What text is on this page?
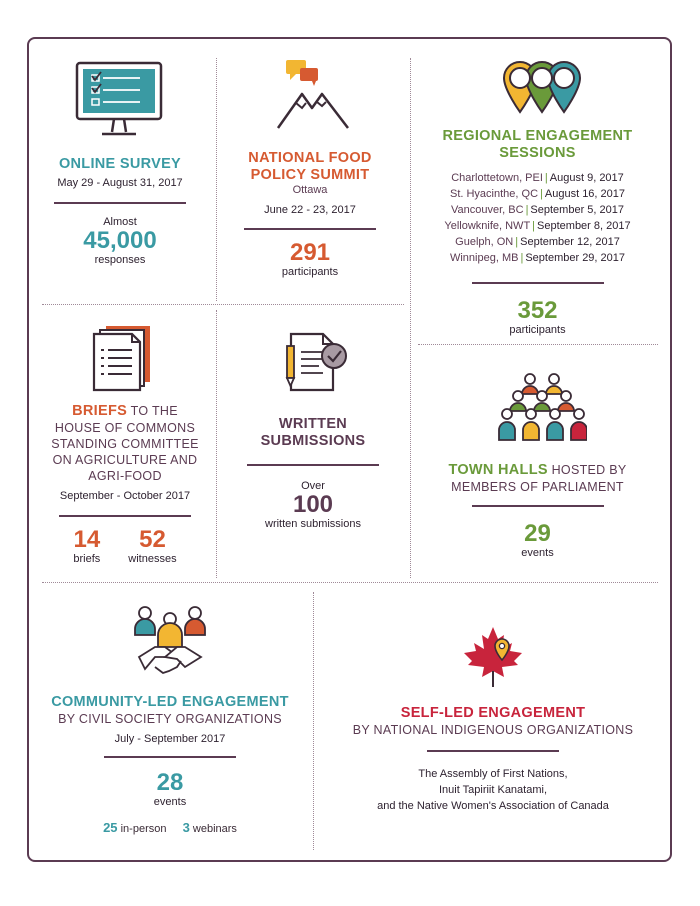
ONLINE SURVEY
May 29 - August 31, 2017
Almost
45,000
responses
NATIONAL FOOD
POLICY SUMMIT
Ottawa
June 22 - 23, 2017
291
participants
REGIONAL ENGAGEMENT SESSIONS
Charlottetown, PEI | August 9, 2017
St. Hyacinthe, QC | August 16, 2017
Vancouver, BC | September 5, 2017
Yellowknife, NWT | September 8, 2017
Guelph, ON | September 12, 2017
Winnipeg, MB | September 29, 2017
352
participants
BRIEFS TO THE
HOUSE OF COMMONS
STANDING COMMITTEE
ON AGRICULTURE AND
AGRI-FOOD
September - October 2017
14
briefs
52
witnesses
WRITTEN
SUBMISSIONS
Over
100
written submissions
TOWN HALLS HOSTED BY
MEMBERS OF PARLIAMENT
29
events
COMMUNITY-LED ENGAGEMENT
BY CIVIL SOCIETY ORGANIZATIONS
July - September 2017
28
events
25 in-person 3 webinars
SELF-LED ENGAGEMENT
BY NATIONAL INDIGENOUS ORGANIZATIONS
The Assembly of First Nations,
Inuit Tapiriit Kanatami,
and the Native Women's Association of Canada
